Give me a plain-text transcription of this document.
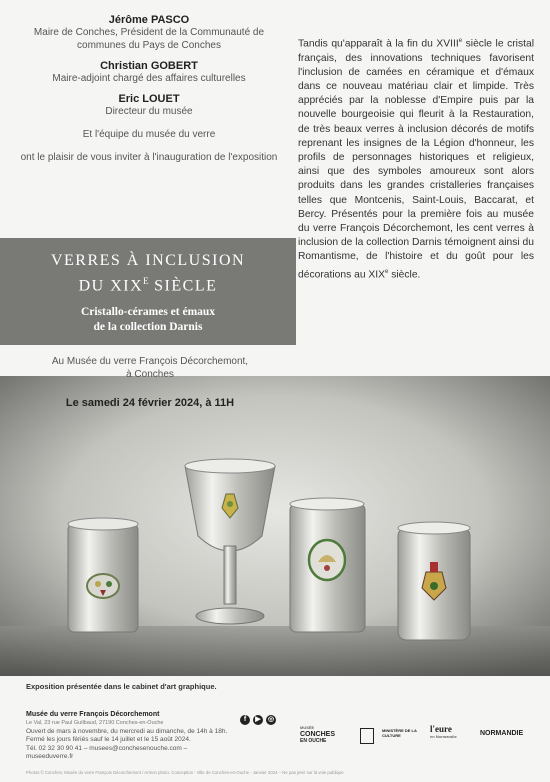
Jérôme PASCO
Maire de Conches, Président de la Communauté de communes du Pays de Conches
Christian GOBERT
Maire-adjoint chargé des affaires culturelles
Eric LOUET
Directeur du musée
Et l'équipe du musée du verre
ont le plaisir de vous inviter à l'inauguration de l'exposition
Tandis qu'apparaît à la fin du XVIIIe siècle le cristal français, des innovations techniques favorisent l'inclusion de camées en céramique et d'émaux dans ce nouveau matériau clair et limpide. Très appréciés par la noblesse d'Empire puis par la nouvelle bourgeoisie qui fleurit à la Restauration, de très beaux verres à inclusion décorés de motifs reprenant les insignes de la Légion d'honneur, les profils de personnages historiques et religieux, ainsi que des symboles amoureux sont alors produits dans les grandes cristalleries françaises telles que Montcenis, Saint-Louis, Baccarat, et Bercy. Présentés pour la première fois au musée du verre François Décorchemont, les cent verres à inclusion de la collection Darnis témoignent ainsi du Romantisme, de l'histoire et du goût pour les décorations au XIXe siècle.
VERRES À INCLUSION
DU $XIX^E$ SIÈCLE
Cristallo-cérames et émaux
de la collection Darnis
Au Musée du verre François Décorchemont,
à Conches
Le samedi 24 février 2024, à 11H
Exposition présentée dans le cabinet d'art graphique.
Musée du verre François Décorchemont
Le Val, 23 rue Paul Guilbaud, 27190 Conches-en-Ouche
Ouvert de mars à novembre, du mercredi au dimanche, de 14h à 18h.
Fermé les jours fériés sauf le 14 juillet et le 15 août 2024.
Tél. 02 32 30 90 41 – musees@conchesenouche.com – museeduverre.fr
f	▶	◎
MUSÉE
CONCHES
EN OUCHE
MINISTÈRE DE LA CULTURE
l'eure
en Normandie	NORMANDIE
Photos © Conches, Musée du verre François Décorchemont / Armon photo. Conception : Ville de Conches-en-Ouche - Janvier 2024 – Ne pas jeter sur la voie publique
